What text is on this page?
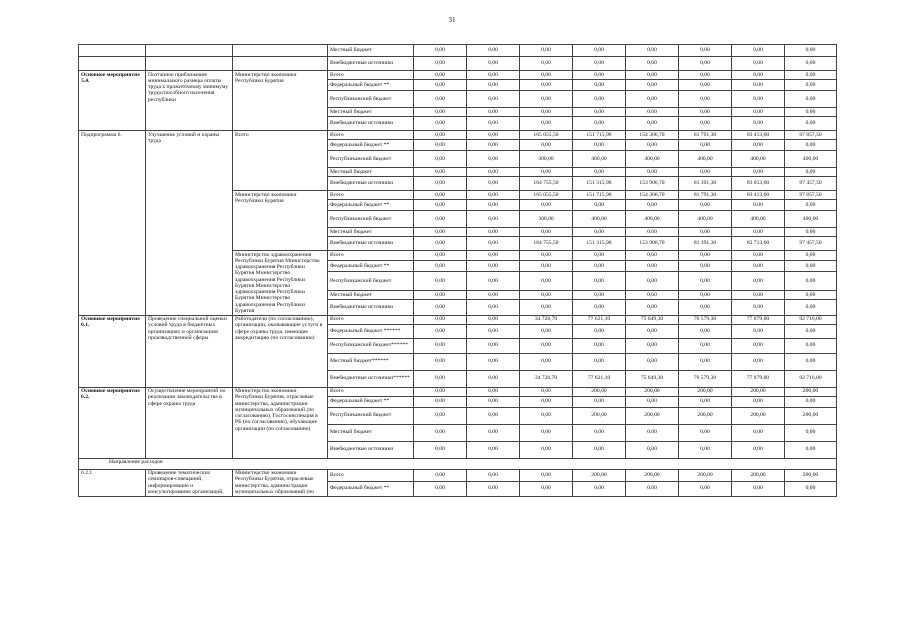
31
			Местный бюджет	0,00	0,00	0,00	0,00	0,00	0,00	0,00	0,00
			Внебюджетные источники	0,00	0,00	0,00	0,00	0,00	0,00	0,00	0,00
Основное мероприятие 5.4.	Поэтапное приближение минимального размера оплаты труда к прожиточному минимуму трудоспособного населения республики	Министерство экономики Республики Бурятия	Всего	0,00	0,00	0,00	0,00	0,00	0,00	0,00	0,00
			Федеральный бюджет **	0,00	0,00	0,00	0,00	0,00	0,00	0,00	0,00
			Республиканский бюджет	0,00	0,00	0,00	0,00	0,00	0,00	0,00	0,00
			Местный бюджет	0,00	0,00	0,00	0,00	0,00	0,00	0,00	0,00
			Внебюджетные источники	0,00	0,00	0,00	0,00	0,00	0,00	0,00	0,00
Подпрограмма 6.	Улучшение условий и охраны труда	Всего	Всего	0,00	0,00	165 055,50	151 715,90	154 306,70	81 791,30	83 413,60	97 857,50
			Федеральный бюджет **	0,00	0,00	0,00	0,00	0,00	0,00	0,00	0,00
			Республиканский бюджет	0,00	0,00	300,00	400,00	400,00	400,00	400,00	400,00
			Местный бюджет	0,00	0,00	0,00	0,00	0,00	0,00	0,00	0,00
			Внебюджетные источники	0,00	0,00	164 755,50	151 315,90	153 906,70	81 391,30	83 013,60	97 457,50
		Министерство экономики Республики Бурятия	Всего	0,00	0,00	165 055,50	151 715,90	154 306,70	81 791,30	83 413,60	97 857,50
			Федеральный бюджет **	0,00	0,00	0,00	0,00	0,00	0,00	0,00	0,00
			Республиканский бюджет	0,00	0,00	300,00	400,00	400,00	400,00	400,00	400,00
			Местный бюджет	0,00	0,00	0,00	0,00	0,00	0,00	0,00	0,00
			Внебюджетные источники	0,00	0,00	164 755,50	151 315,90	153 906,70	81 391,30	82 713,60	97 457,50
		Министерство здравоохранения Республики Бурятия Министерство здравоохранения Республики Бурятия Министерство здравоохранения Республики Бурятия Министерство здравоохранения Республики Бурятия Министерство здравоохранения Республики Бурятия	Всего	0,00	0,00	0,00	0,00	0,00	0,00	0,00	0,00
			Федеральный бюджет **	0,00	0,00	0,00	0,00	0,00	0,00	0,00	0,00
			Республиканский бюджет	0,00	0,00	0,00	0,00	0,00	0,00	0,00	0,00
			Местный бюджет	0,00	0,00	0,00	0,00	0,00	0,00	0,00	0,00
			Внебюджетные источники	0,00	0,00	0,00	0,00	0,00	0,00	0,00	0,00
Основное мероприятие 6.1.	Проведение специальной оценки условий труда в бюджетных организациях и организациях производственной сферы	Работодатели (по согласованию), организации, оказывающие услуги в сфере охраны труда, имеющие аккредитацию (по согласованию)	Всего	0,00	0,00	34 726,70	77 621,10	75 649,30	76 579,30	77 879,00	92 716,00
			Федеральный бюджет ******	0,00	0,00	0,00	0,00	0,00	0,00	0,00	0,00
			Республиканский бюджет******	0,00	0,00	0,00	0,00	0,00	0,00	0,00	0,00
			Местный бюджет******	0,00	0,00	0,00	0,00	0,00	0,00	0,00	0,00
			Внебюджетные источники******	0,00	0,00	34 726,70	77 621,10	75 649,30	76 579,30	77 879,00	92 716,00
Основное мероприятие 6.2.	Осуществление мероприятий по реализации законодательства в сфере охраны труда	Министерство экономики Республики Бурятия, отраслевые министерства, администрации муниципальных образований (по согласованию), Госгосинспекция в РБ (по согласованию), обучающие организации (по согласованию)	Всего	0,00	0,00	0,00	200,00	200,00	200,00	200,00	200,00
			Федеральный бюджет **	0,00	0,00	0,00	0,00	0,00	0,00	0,00	0,00
			Республиканский бюджет	0,00	0,00	0,00	200,00	200,00	200,00	200,00	200,00
			Местный бюджет	0,00	0,00	0,00	0,00	0,00	0,00	0,00	0,00
			Внебюджетные источники	0,00	0,00	0,00	0,00	0,00	0,00	0,00	0,00
Направление расходов											
6.2.1	Проведение тематических семинаров-совещаний, информирование и консультирование организаций,	Министерство экономики Республики Бурятия, отраслевые министерства, администрации муниципальных образований (по	Всего	0,00	0,00	0,00	200,00	200,00	200,00	200,00	200,00
			Федеральный бюджет **	0,00	0,00	0,00	0,00	0,00	0,00	0,00	0,00
